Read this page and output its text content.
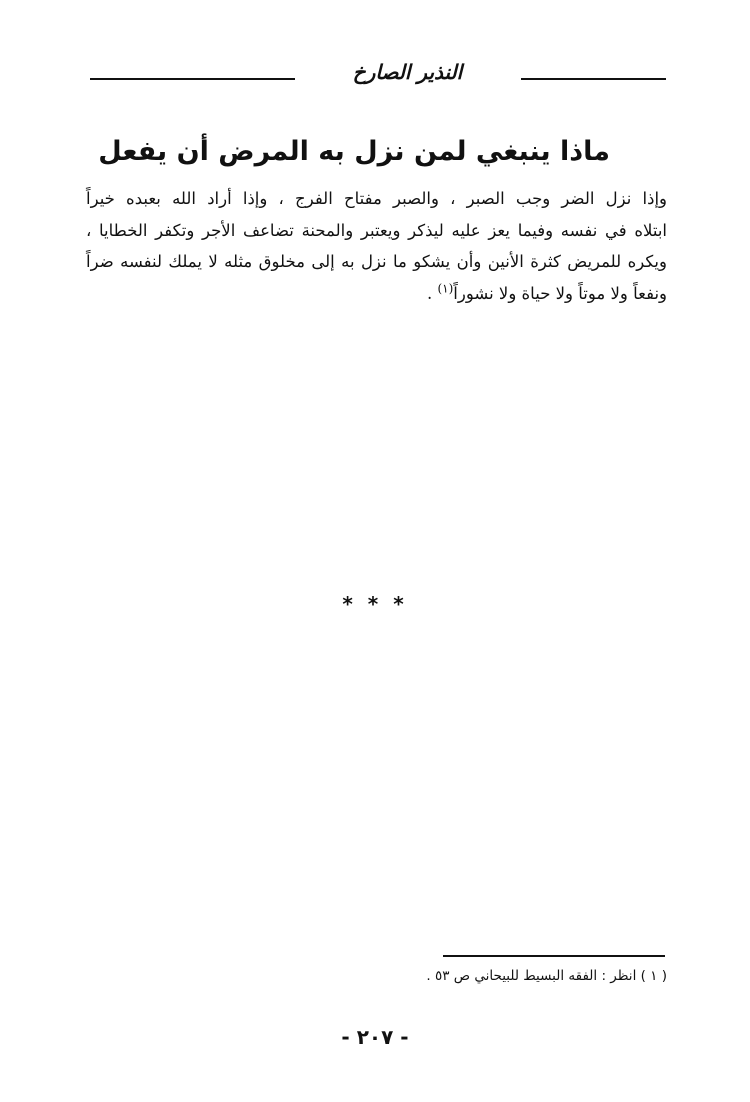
النذير الصارخ
ماذا ينبغي لمن نزل به المرض أن يفعل
وإذا نزل الضر وجب الصبر ، والصبر مفتاح الفرج ، وإذا أراد الله بعبده خيراً
ابتلاه في نفسه وفيما يعز عليه ليذكر ويعتبر والمحنة تضاعف الأجر وتكفر الخطايا ،
ويكره للمريض كثرة الأنين وأن يشكو ما نزل به إلى مخلوق مثله لا يملك لنفسه ضراً
ونفعاً ولا موتاً ولا حياة ولا نشوراً$^{(١)}$ .
* * *
( ١ ) انظر : الفقه البسيط للبيحاني ص ٥٣ .
- ٢٠٧ -
